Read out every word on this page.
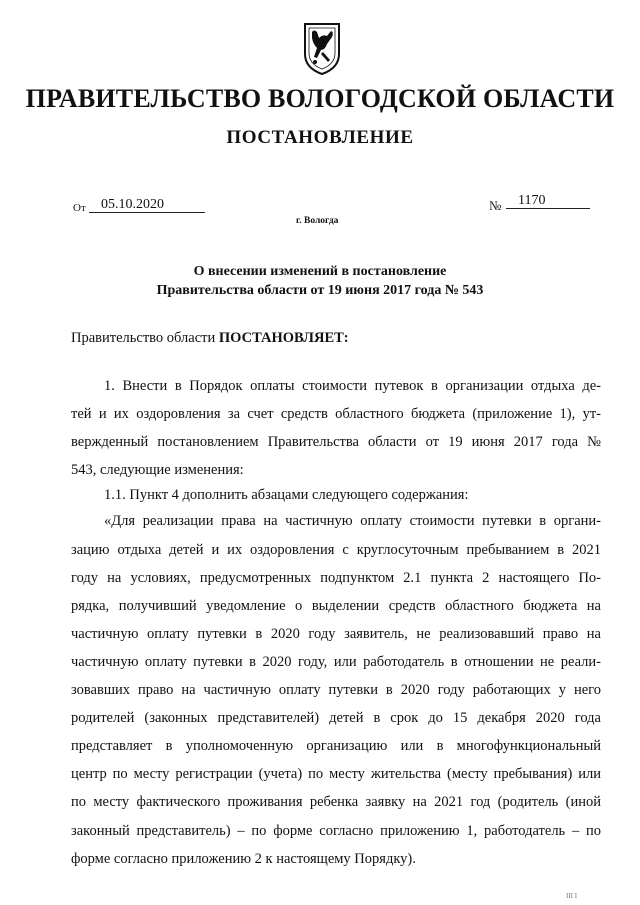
ПРАВИТЕЛЬСТВО ВОЛОГОДСКОЙ ОБЛАСТИ
ПОСТАНОВЛЕНИЕ
От	05.10.2020	№	1170
г. Вологда
О внесении изменений в постановление
Правительства области от 19 июня 2017 года № 543
Правительство области ПОСТАНОВЛЯЕТ:
1. Внести в Порядок оплаты стоимости путевок в организации отдыха де-
тей и их оздоровления за счет средств областного бюджета (приложение 1), ут-
вержденный постановлением Правительства области от 19 июня 2017 года №
543, следующие изменения:
1.1. Пункт 4 дополнить абзацами следующего содержания:
«Для реализации права на частичную оплату стоимости путевки в органи-
зацию отдыха детей и их оздоровления с круглосуточным пребыванием в 2021
году на условиях, предусмотренных подпунктом 2.1 пункта 2 настоящего По-
рядка, получивший уведомление о выделении средств областного бюджета на
частичную оплату путевки в 2020 году заявитель, не реализовавший право на
частичную оплату путевки в 2020 году, или работодатель в отношении не реали-
зовавших право на частичную оплату путевки в 2020 году работающих у него
родителей (законных представителей) детей в срок до 15 декабря 2020 года
представляет в уполномоченную организацию или в многофункциональный
центр по месту регистрации (учета) по месту жительства (месту пребывания) или
по месту фактического проживания ребенка заявку на 2021 год (родитель (иной
законный представитель) – по форме согласно приложению 1, работодатель – по
форме согласно приложению 2 к настоящему Порядку).
III I
